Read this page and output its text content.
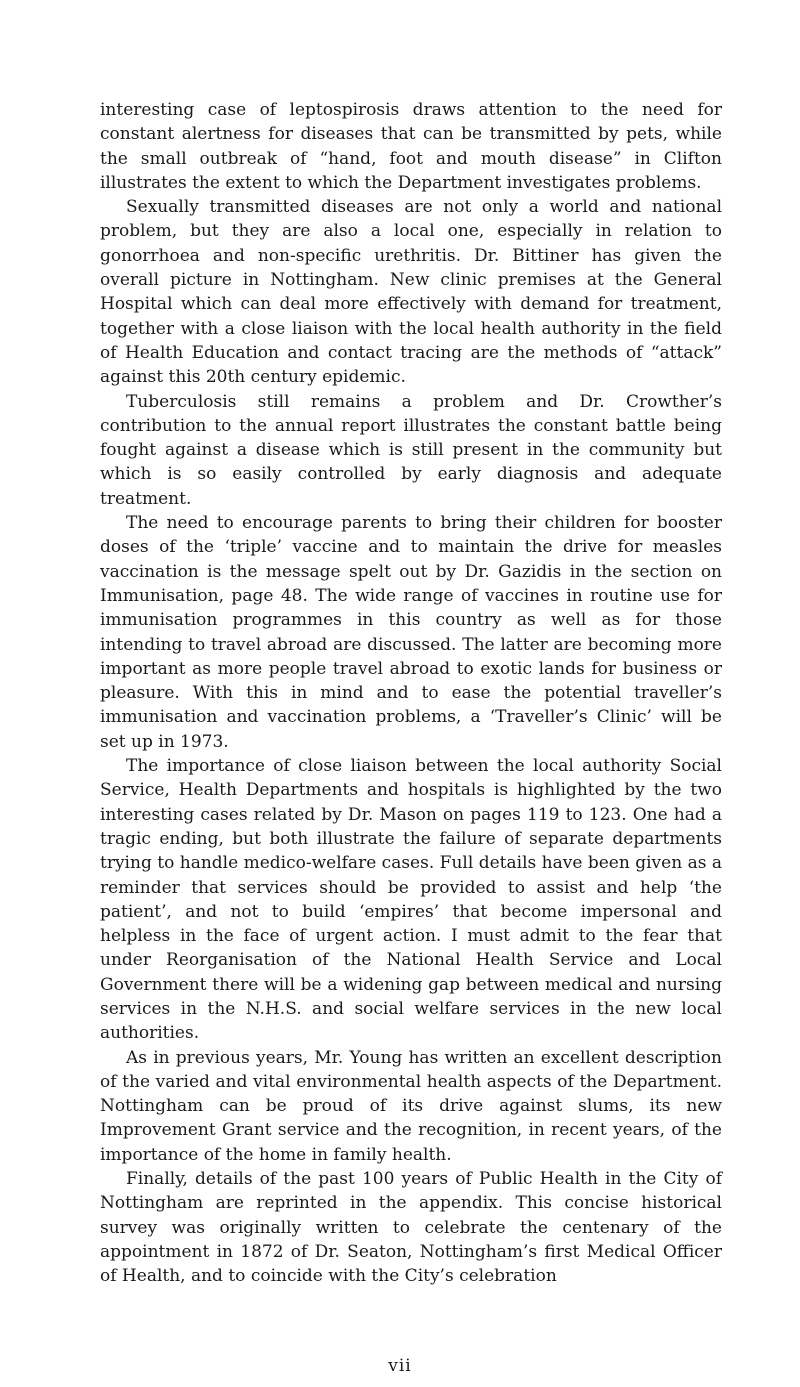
interesting case of leptospirosis draws attention to the need for constant alertness for diseases that can be transmitted by pets, while the small outbreak of “hand, foot and mouth disease” in Clifton illustrates the extent to which the Department investigates problems.

Sexually transmitted diseases are not only a world and national problem, but they are also a local one, especially in relation to gonorrhoea and non-specific urethritis. Dr. Bittiner has given the overall picture in Nottingham. New clinic premises at the General Hospital which can deal more effectively with demand for treatment, together with a close liaison with the local health authority in the field of Health Education and contact tracing are the methods of “attack” against this 20th century epidemic.

Tuberculosis still remains a problem and Dr. Crowther’s contribution to the annual report illustrates the constant battle being fought against a disease which is still present in the community but which is so easily controlled by early diagnosis and adequate treatment.

The need to encourage parents to bring their children for booster doses of the ‘triple’ vaccine and to maintain the drive for measles vaccination is the message spelt out by Dr. Gazidis in the section on Immunisation, page 48. The wide range of vaccines in routine use for immunisation programmes in this country as well as for those intending to travel abroad are discussed. The latter are becoming more important as more people travel abroad to exotic lands for business or pleasure. With this in mind and to ease the potential traveller’s immunisation and vaccination problems, a ‘Traveller’s Clinic’ will be set up in 1973.

The importance of close liaison between the local authority Social Service, Health Departments and hospitals is highlighted by the two interesting cases related by Dr. Mason on pages 119 to 123. One had a tragic ending, but both illustrate the failure of separate departments trying to handle medico-welfare cases. Full details have been given as a reminder that services should be provided to assist and help ‘the patient’, and not to build ‘empires’ that become impersonal and helpless in the face of urgent action. I must admit to the fear that under Reorganisation of the National Health Service and Local Government there will be a widening gap between medical and nursing services in the N.H.S. and social welfare services in the new local authorities.

As in previous years, Mr. Young has written an excellent description of the varied and vital environmental health aspects of the Department. Nottingham can be proud of its drive against slums, its new Improvement Grant service and the recognition, in recent years, of the importance of the home in family health.

Finally, details of the past 100 years of Public Health in the City of Nottingham are reprinted in the appendix. This concise historical survey was originally written to celebrate the centenary of the appointment in 1872 of Dr. Seaton, Nottingham’s first Medical Officer of Health, and to coincide with the City’s celebration

vii
